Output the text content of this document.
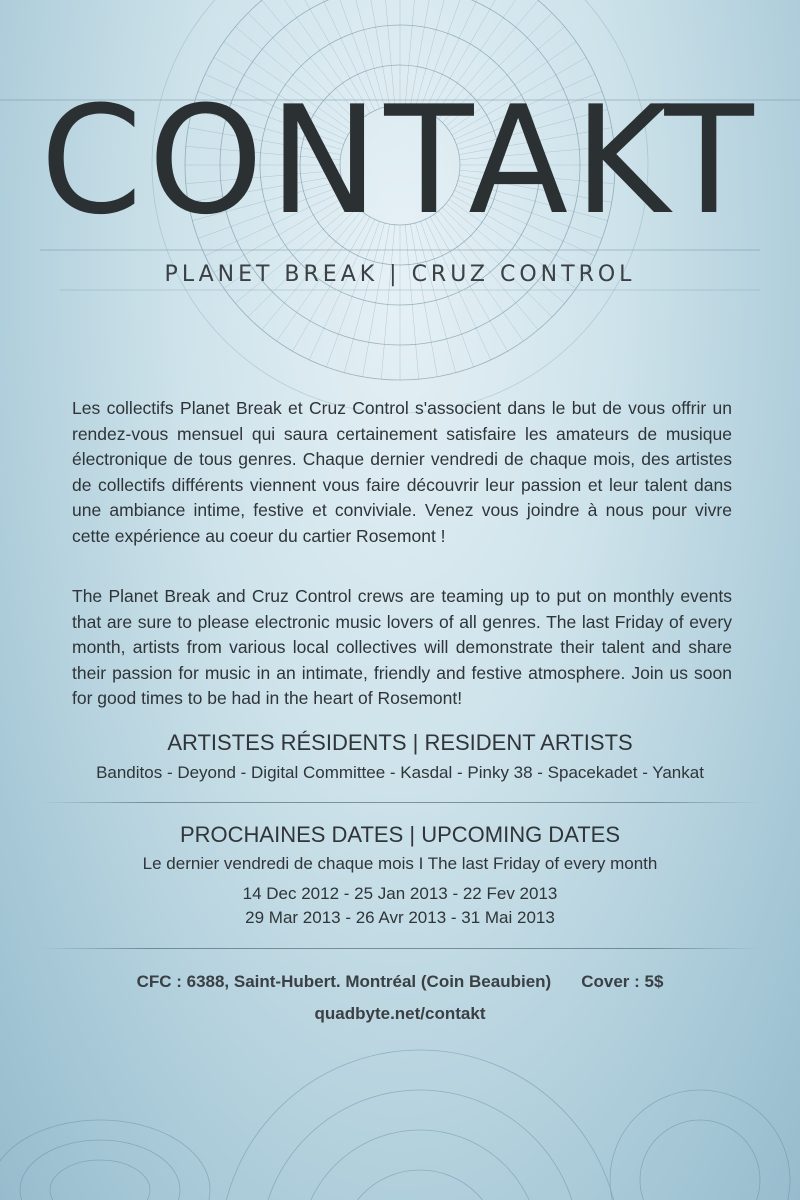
CONTAKT
PLANET BREAK | CRUZ CONTROL

Les collectifs Planet Break et Cruz Control s'associent dans le but de vous offrir un rendez-vous mensuel qui saura certainement satisfaire les amateurs de musique électronique de tous genres. Chaque dernier vendredi de chaque mois, des artistes de collectifs différents viennent vous faire découvrir leur passion et leur talent dans une ambiance intime, festive et conviviale. Venez vous joindre à nous pour vivre cette expérience au coeur du cartier Rosemont !

The Planet Break and Cruz Control crews are teaming up to put on monthly events that are sure to please electronic music lovers of all genres. The last Friday of every month, artists from various local collectives will demonstrate their talent and share their passion for music in an intimate, friendly and festive atmosphere. Join us soon for good times to be had in the heart of Rosemont!

ARTISTES RÉSIDENTS | RESIDENT ARTISTS

Banditos - Deyond - Digital Committee - Kasdal - Pinky 38 - Spacekadet - Yankat

PROCHAINES DATES | UPCOMING DATES

Le dernier vendredi de chaque mois I The last Friday of every month

14 Dec 2012 - 25 Jan 2013 - 22 Fev 2013

29 Mar 2013 - 26 Avr 2013 - 31 Mai 2013

CFC : 6388, Saint-Hubert. Montréal (Coin Beaubien) Cover : 5$

quadbyte.net/contakt
